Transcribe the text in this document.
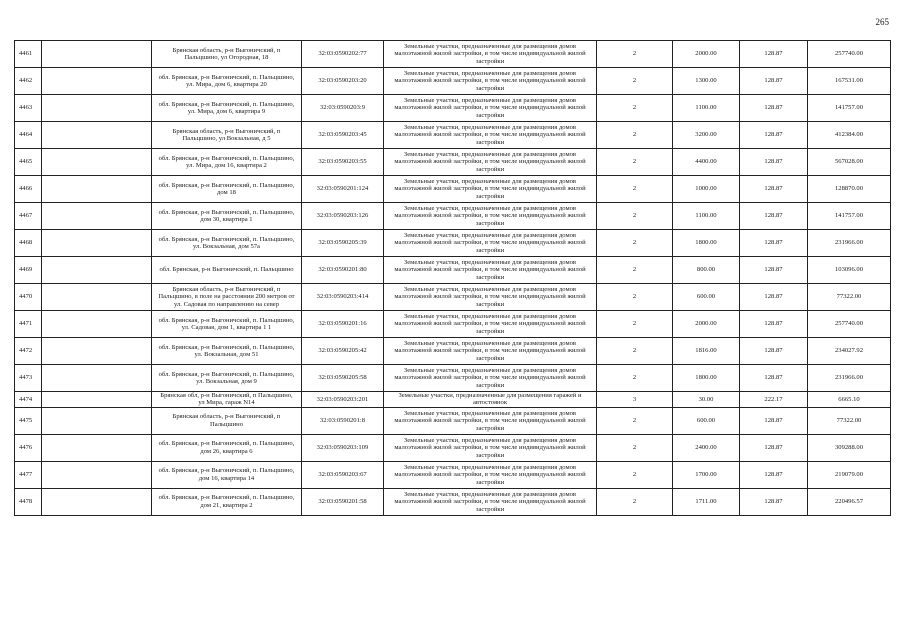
265
4461		Брянская область, р-н Выгоничский, п Пальцшино, ул Огородная, 18	32:03:0590202:77	Земельные участки, предназначенные для размещения домов малоэтажной жилой застройки, в том числе индивидуальной жилой застройки	2	2000.00	128.87	257740.00
4462		обл. Брянская, р-н Выгоничский, п. Пальцшино, ул. Мира, дом 6, квартира 20	32:03:0590203:20	Земельные участки, предназначенные для размещения домов малоэтажной жилой застройки, в том числе индивидуальной жилой застройки	2	1300.00	128.87	167531.00
4463		обл. Брянская, р-н Выгоничский, п. Пальцшино, ул. Мира, дом 6, квартира 9	32:03:0590203:9	Земельные участки, предназначенные для размещения домов малоэтажной жилой застройки, в том числе индивидуальной жилой застройки	2	1100.00	128.87	141757.00
4464		Брянская область, р-н Выгоничский, п Пальцшино, ул Вокзальная, д 5	32:03:0590203:45	Земельные участки, предназначенные для размещения домов малоэтажной жилой застройки, в том числе индивидуальной жилой застройки	2	3200.00	128.87	412384.00
4465		обл. Брянская, р-н Выгоничский, п. Пальцшино, ул. Мира, дом 16, квартира 2	32:03:0590203:55	Земельные участки, предназначенные для размещения домов малоэтажной жилой застройки, в том числе индивидуальной жилой застройки	2	4400.00	128.87	567028.00
4466		обл. Брянская, р-н Выгоничский, п. Пальцшино, дом 18	32:03:0590201:124	Земельные участки, предназначенные для размещения домов малоэтажной жилой застройки, в том числе индивидуальной жилой застройки	2	1000.00	128.87	128870.00
4467		обл. Брянская, р-н Выгоничский, п. Пальцшино, дом 30, квартира 1	32:03:0590203:126	Земельные участки, предназначенные для размещения домов малоэтажной жилой застройки, в том числе индивидуальной жилой застройки	2	1100.00	128.87	141757.00
4468		обл. Брянская, р-н Выгоничский, п. Пальцшино, ул. Вокзальная, дом 57а	32:03:0590205:39	Земельные участки, предназначенные для размещения домов малоэтажной жилой застройки, в том числе индивидуальной жилой застройки	2	1800.00	128.87	231966.00
4469		обл. Брянская, р-н Выгоничский, п. Пальцшино	32:03:0590201:80	Земельные участки, предназначенные для размещения домов малоэтажной жилой застройки, в том числе индивидуальной жилой застройки	2	800.00	128.87	103096.00
4470		Брянская область, р-н Выгоничский, п Пальцшино, в поле на расстоянии 200 метров от ул. Садовая по направлению на север	32:03:0590203:414	Земельные участки, предназначенные для размещения домов малоэтажной жилой застройки, в том числе индивидуальной жилой застройки	2	600.00	128.87	77322.00
4471		обл. Брянская, р-н Выгоничский, п. Пальцшино, ул. Садовая, дом 1, квартира 1 1	32:03:0590201:16	Земельные участки, предназначенные для размещения домов малоэтажной жилой застройки, в том числе индивидуальной жилой застройки	2	2000.00	128.87	257740.00
4472		обл. Брянская, р-н Выгоничский, п. Пальцшино, ул. Вокзальная, дом 51	32:03:0590205:42	Земельные участки, предназначенные для размещения домов малоэтажной жилой застройки, в том числе индивидуальной жилой застройки	2	1816.00	128.87	234027.92
4473		обл. Брянская, р-н Выгоничский, п. Пальцшино, ул. Вокзальная, дом 9	32:03:0590205:58	Земельные участки, предназначенные для размещения домов малоэтажной жилой застройки, в том числе индивидуальной жилой застройки	2	1800.00	128.87	231966.00
4474		Брянская обл, р-н Выгоничский, п Пальцшино, ул Мира, гараж N14	32:03:0590203:201	Земельные участки, предназначенные для размещения гаражей и автостоянок	3	30.00	222.17	6665.10
4475		Брянская область, р-н Выгоничский, п Пальцшино	32:03:0590201:8	Земельные участки, предназначенные для размещения домов малоэтажной жилой застройки, в том числе индивидуальной жилой застройки	2	600.00	128.87	77322.00
4476		обл. Брянская, р-н Выгоничский, п. Пальцшино, дом 26, квартира 6	32:03:0590203:109	Земельные участки, предназначенные для размещения домов малоэтажной жилой застройки, в том числе индивидуальной жилой застройки	2	2400.00	128.87	309288.00
4477		обл. Брянская, р-н Выгоничский, п. Пальцшино, дом 16, квартира 14	32:03:0590203:67	Земельные участки, предназначенные для размещения домов малоэтажной жилой застройки, в том числе индивидуальной жилой застройки	2	1700.00	128.87	219079.00
4478		обл. Брянская, р-н Выгоничский, п. Пальцшино, дом 21, квартира 2	32:03:0590201:58	Земельные участки, предназначенные для размещения домов малоэтажной жилой застройки, в том числе индивидуальной жилой застройки	2	1711.00	128.87	220496.57
